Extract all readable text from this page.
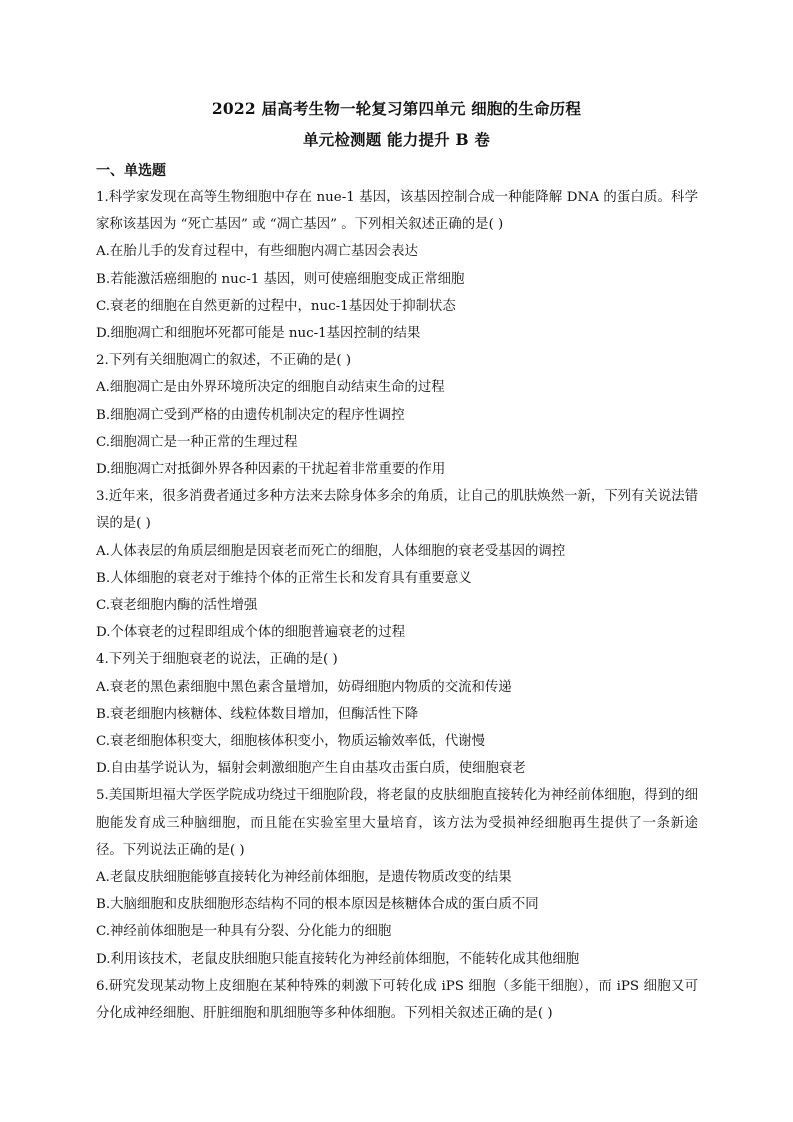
2022 届高考生物一轮复习第四单元 细胞的生命历程
单元检测题 能力提升 B 卷
一、单选题

1.科学家发现在高等生物细胞中存在 nue-1 基因，该基因控制合成一种能降解 DNA 的蛋白质。科学家称该基因为 “死亡基因” 或 “凋亡基因” 。下列相关叙述正确的是( )

A.在胎儿手的发育过程中，有些细胞内凋亡基因会表达

B.若能激活癌细胞的 nuc-1 基因，则可使癌细胞变成正常细胞

C.衰老的细胞在自然更新的过程中，nuc-1基因处于抑制状态

D.细胞凋亡和细胞坏死都可能是 nuc-1基因控制的结果

2.下列有关细胞凋亡的叙述，不正确的是( )

A.细胞凋亡是由外界环境所决定的细胞自动结束生命的过程

B.细胞凋亡受到严格的由遗传机制决定的程序性调控

C.细胞凋亡是一种正常的生理过程

D.细胞凋亡对抵御外界各种因素的干扰起着非常重要的作用

3.近年来，很多消费者通过多种方法来去除身体多余的角质，让自己的肌肤焕然一新，下列有关说法错误的是( )

A.人体表层的角质层细胞是因衰老而死亡的细胞，人体细胞的衰老受基因的调控

B.人体细胞的衰老对于维持个体的正常生长和发育具有重要意义

C.衰老细胞内酶的活性增强

D.个体衰老的过程即组成个体的细胞普遍衰老的过程

4.下列关于细胞衰老的说法，正确的是( )

A.衰老的黑色素细胞中黑色素含量增加，妨碍细胞内物质的交流和传递

B.衰老细胞内核糖体、线粒体数目增加，但酶活性下降

C.衰老细胞体积变大，细胞核体积变小，物质运输效率低，代谢慢

D.自由基学说认为，辐射会刺激细胞产生自由基攻击蛋白质，使细胞衰老

5.美国斯坦福大学医学院成功绕过干细胞阶段，将老鼠的皮肤细胞直接转化为神经前体细胞，得到的细胞能发育成三种脑细胞，而且能在实验室里大量培育，该方法为受损神经细胞再生提供了一条新途径。下列说法正确的是( )

A.老鼠皮肤细胞能够直接转化为神经前体细胞，是遗传物质改变的结果

B.大脑细胞和皮肤细胞形态结构不同的根本原因是核糖体合成的蛋白质不同

C.神经前体细胞是一种具有分裂、分化能力的细胞

D.利用该技术，老鼠皮肤细胞只能直接转化为神经前体细胞，不能转化成其他细胞

6.研究发现某动物上皮细胞在某种特殊的刺激下可转化成 iPS 细胞（多能干细胞），而 iPS 细胞又可分化成神经细胞、肝脏细胞和肌细胞等多种体细胞。下列相关叙述正确的是( )
